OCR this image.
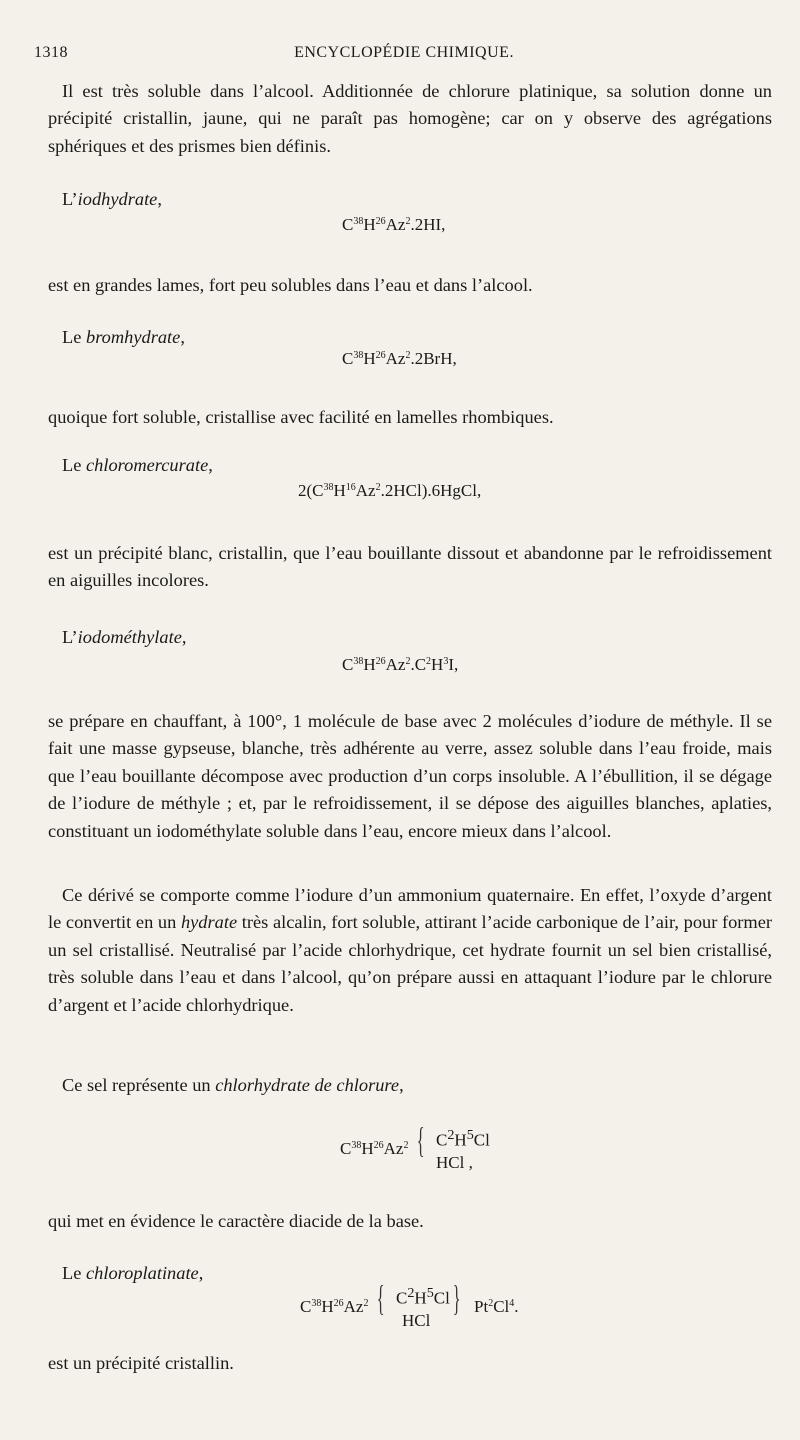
1318	ENCYCLOPÉDIE CHIMIQUE.

Il est très soluble dans l’alcool. Additionnée de chlorure platinique, sa solution donne un précipité cristallin, jaune, qui ne paraît pas homogène; car on y observe des agrégations sphériques et des prismes bien définis.

L’iodhydrate,
$C^{38}H^{26}Az^2.2HI$,

est en grandes lames, fort peu solubles dans l’eau et dans l’alcool.

Le bromhydrate,
$C^{38}H^{26}Az^2.2BrH$,

quoique fort soluble, cristallise avec facilité en lamelles rhombiques.

Le chloromercurate,
$2(C^{38}H^{16}Az^2.2HCl).6HgCl$,

est un précipité blanc, cristallin, que l’eau bouillante dissout et abandonne par le refroidissement en aiguilles incolores.

L’iodométhylate,
$C^{38}H^{26}Az^2.C^2H^3I$,

se prépare en chauffant, à 100°, 1 molécule de base avec 2 molécules d’iodure de méthyle. Il se fait une masse gypseuse, blanche, très adhérente au verre, assez soluble dans l’eau froide, mais que l’eau bouillante décompose avec production d’un corps insoluble. A l’ébullition, il se dégage de l’iodure de méthyle ; et, par le refroidissement, il se dépose des aiguilles blanches, aplaties, constituant un iodométhylate soluble dans l’eau, encore mieux dans l’alcool.

Ce dérivé se comporte comme l’iodure d’un ammonium quaternaire. En effet, l’oxyde d’argent le convertit en un hydrate très alcalin, fort soluble, attirant l’acide carbonique de l’air, pour former un sel cristallisé. Neutralisé par l’acide chlorhydrique, cet hydrate fournit un sel bien cristallisé, très soluble dans l’eau et dans l’alcool, qu’on prépare aussi en attaquant l’iodure par le chlorure d’argent et l’acide chlorhydrique.

Ce sel représente un chlorhydrate de chlorure,
$C^{38}H^{26}Az^2$ { $C^2H^5Cl$
HCl ,

qui met en évidence le caractère diacide de la base.

Le chloroplatinate,
$C^{38}H^{26}Az^2$ { $C^2H^5Cl$
HCl
} Pt$^2$Cl$^4$.

est un précipité cristallin.
